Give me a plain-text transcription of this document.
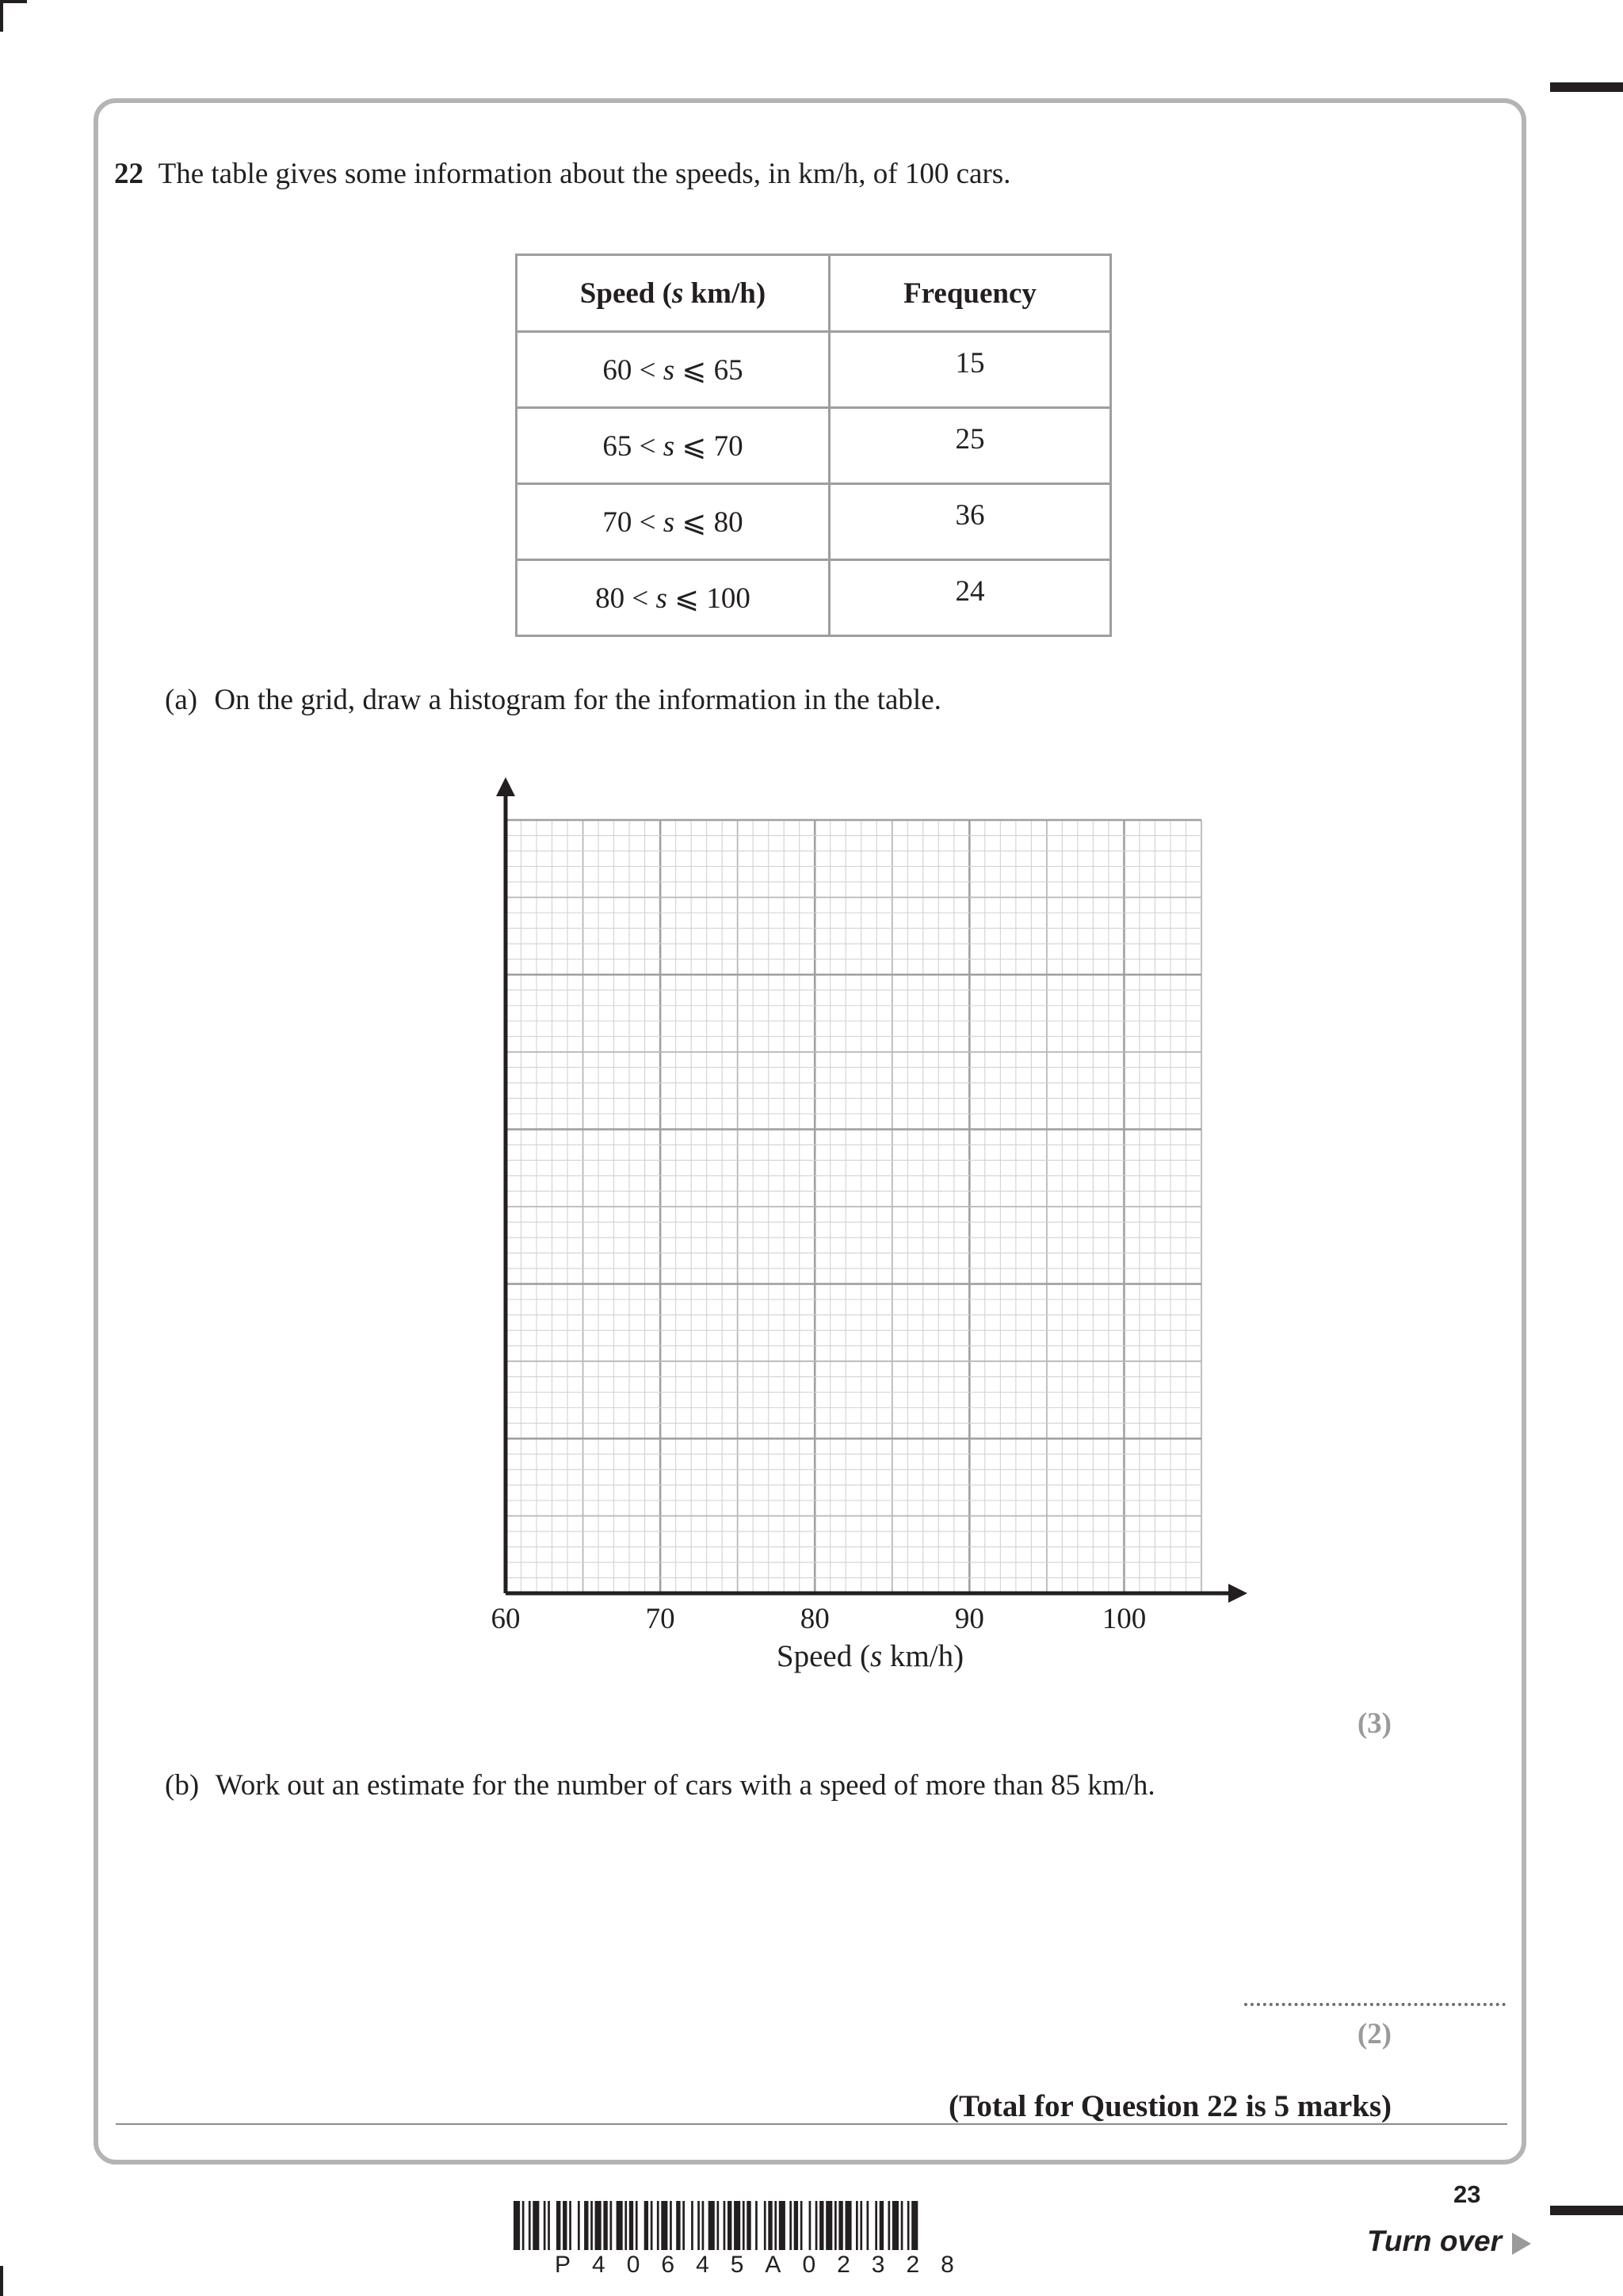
22 The table gives some information about the speeds, in km/h, of 100 cars.
Speed (s km/h)	Frequency
60 < s ⩽ 65	15
65 < s ⩽ 70	25
70 < s ⩽ 80	36
80 < s ⩽ 100	24
(a) On the grid, draw a histogram for the information in the table.
60	70	80	90	100
Speed (s km/h)
(3)
(b) Work out an estimate for the number of cars with a speed of more than 85 km/h.
(2)
(Total for Question 22 is 5 marks)
23
Turn over
P40645A02328
